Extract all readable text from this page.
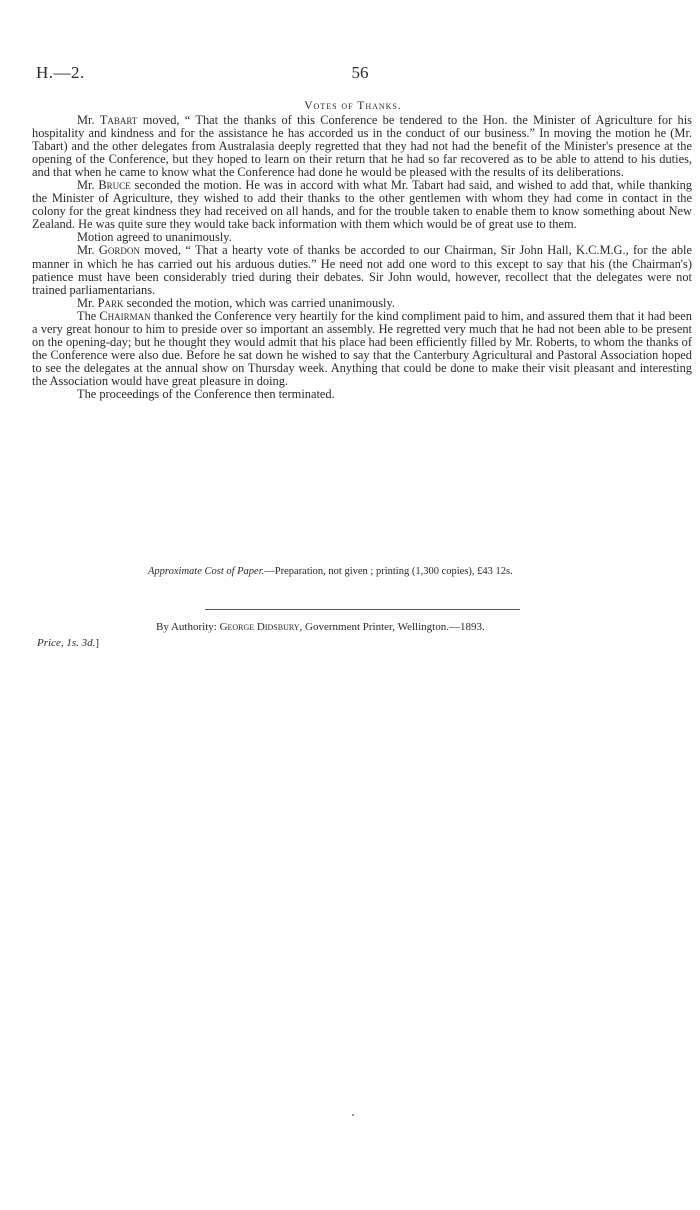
H.—2.	56
Votes of Thanks.

Mr. Tabart moved, “ That the thanks of this Conference be tendered to the Hon. the Minister of Agriculture for his hospitality and kindness and for the assistance he has accorded us in the conduct of our business.” In moving the motion he (Mr. Tabart) and the other delegates from Australasia deeply regretted that they had not had the benefit of the Minister's presence at the opening of the Conference, but they hoped to learn on their return that he had so far recovered as to be able to attend to his duties, and that when he came to know what the Conference had done he would be pleased with the results of its deliberations.

Mr. Bruce seconded the motion. He was in accord with what Mr. Tabart had said, and wished to add that, while thanking the Minister of Agriculture, they wished to add their thanks to the other gentlemen with whom they had come in contact in the colony for the great kindness they had received on all hands, and for the trouble taken to enable them to know something about New Zealand. He was quite sure they would take back information with them which would be of great use to them.

Motion agreed to unanimously.

Mr. Gordon moved, “ That a hearty vote of thanks be accorded to our Chairman, Sir John Hall, K.C.M.G., for the able manner in which he has carried out his arduous duties.” He need not add one word to this except to say that his (the Chairman's) patience must have been considerably tried during their debates. Sir John would, however, recollect that the delegates were not trained parliamentarians.

Mr. Park seconded the motion, which was carried unanimously.

The Chairman thanked the Conference very heartily for the kind compliment paid to him, and assured them that it had been a very great honour to him to preside over so important an assembly. He regretted very much that he had not been able to be present on the opening-day; but he thought they would admit that his place had been efficiently filled by Mr. Roberts, to whom the thanks of the Conference were also due. Before he sat down he wished to say that the Canterbury Agricultural and Pastoral Association hoped to see the delegates at the annual show on Thursday week. Anything that could be done to make their visit pleasant and interesting the Association would have great pleasure in doing.

The proceedings of the Conference then terminated.

Approximate Cost of Paper.—Preparation, not given ; printing (1,300 copies), £43 12s.
By Authority: George Didsbury, Government Printer, Wellington.—1893.
Price, 1s. 3d.]
